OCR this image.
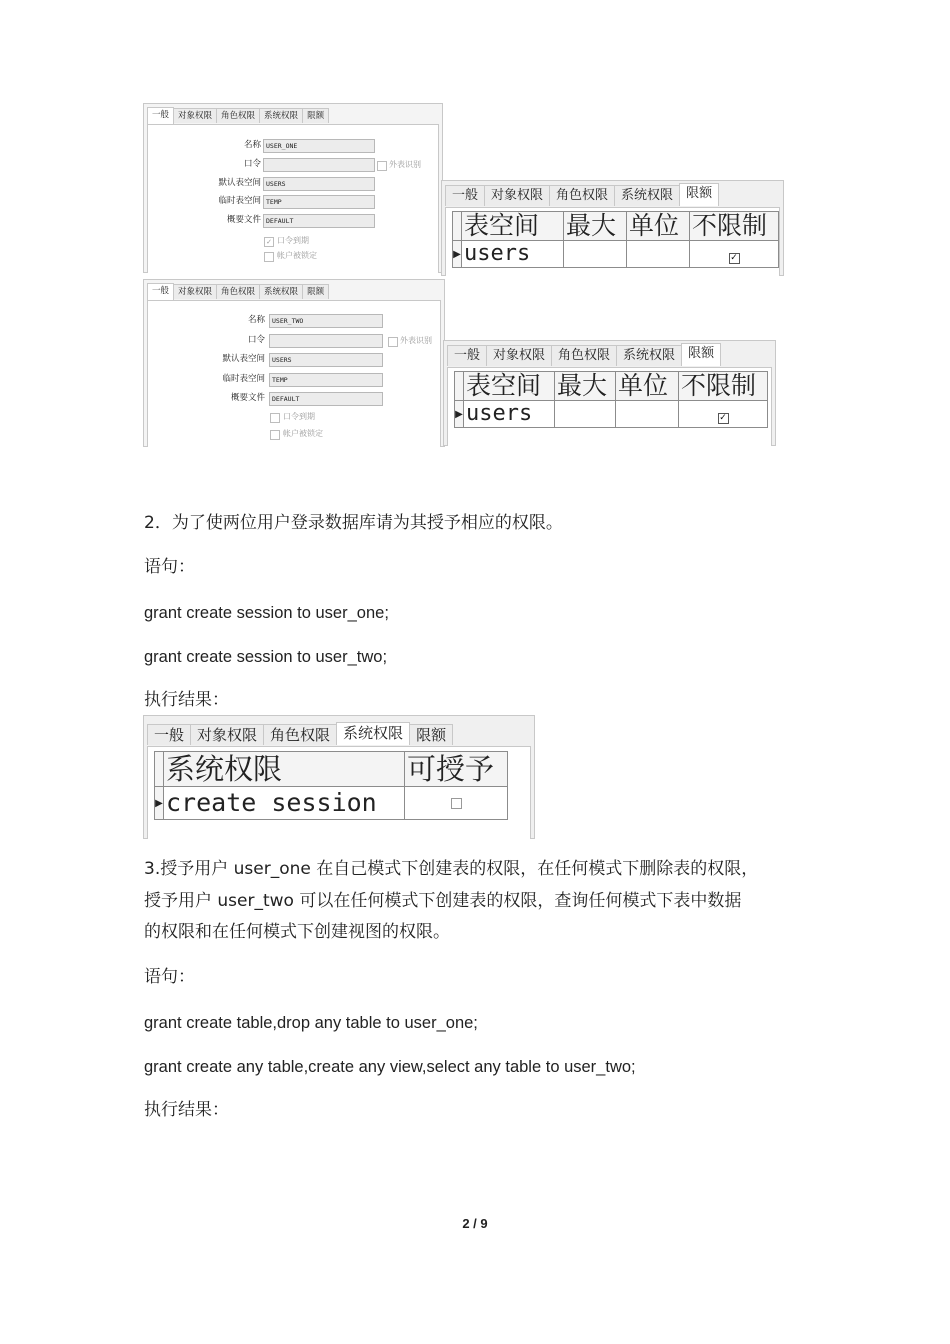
一般	对象权限	角色权限	系统权限	限额
名称 USER_ONE
口令	外表识别
默认表空间 USERS
临时表空间 TEMP
概要文件 DEFAULT
✓ 口令到期
帐户被锁定
一般	对象权限	角色权限	系统权限	限额
	表空间	最大	单位	不限制
▶	users			✓
一般	对象权限	角色权限	系统权限	限额
名称	USER_TWO
口令	外表识别
默认表空间	USERS
临时表空间	TEMP
概要文件	DEFAULT
口令到期
帐户被锁定
一般	对象权限	角色权限	系统权限	限额
	表空间	最大	单位	不限制
▶	users			✓
2．为了使两位用户登录数据库请为其授予相应的权限。
语句：
grant create session to user_one;
grant create session to user_two;
执行结果：
一般 对象权限 角色权限 系统权限 限额
	系统权限	可授予
▶	create session	
3.授予用户 user_one 在自己模式下创建表的权限，在任何模式下删除表的权限，
授予用户 user_two 可以在任何模式下创建表的权限，查询任何模式下表中数据
的权限和在任何模式下创建视图的权限。
语句：
grant create table,drop any table to user_one;
grant create any table,create any view,select any table to user_two;
执行结果：
2 / 9
